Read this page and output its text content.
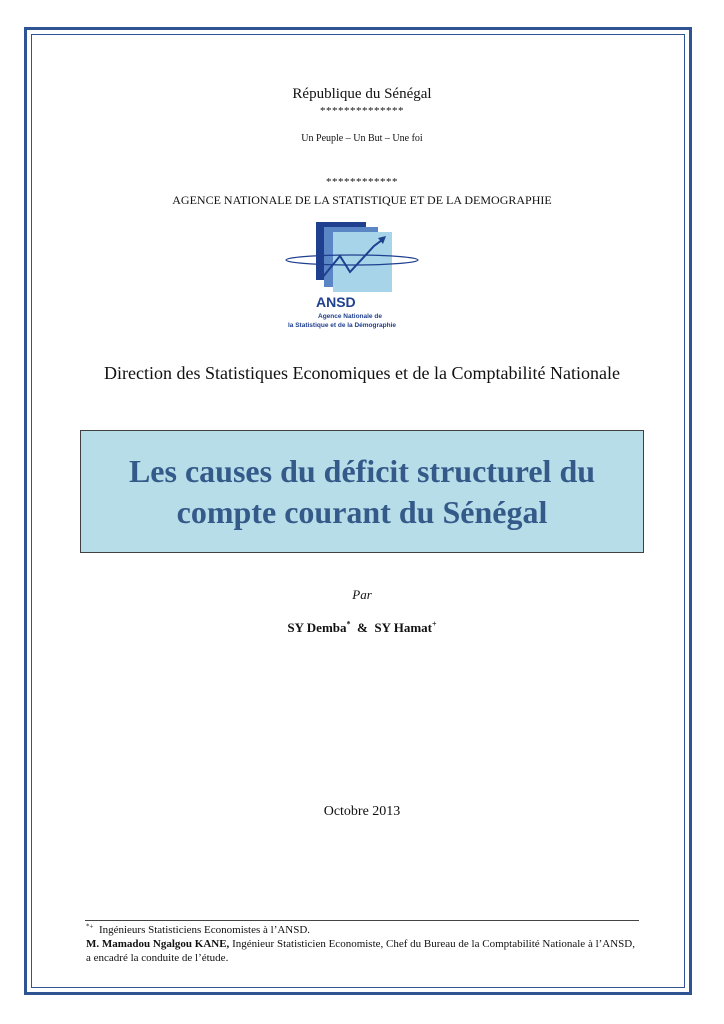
République du Sénégal
**************
Un Peuple – Un But – Une foi
************
AGENCE NATIONALE DE LA STATISTIQUE ET DE LA DEMOGRAPHIE
ANSD
Agence Nationale de
la Statistique et de la Démographie
Direction des Statistiques Economiques et de la Comptabilité Nationale
Les causes du déficit structurel du
compte courant du Sénégal
Par
SY Demba* & SY Hamat+
Octobre 2013

*+ Ingénieurs Statisticiens Economistes à l’ANSD.

M. Mamadou Ngalgou KANE, Ingénieur Statisticien Economiste, Chef du Bureau de la Comptabilité Nationale à l’ANSD, a encadré la conduite de l’étude.
